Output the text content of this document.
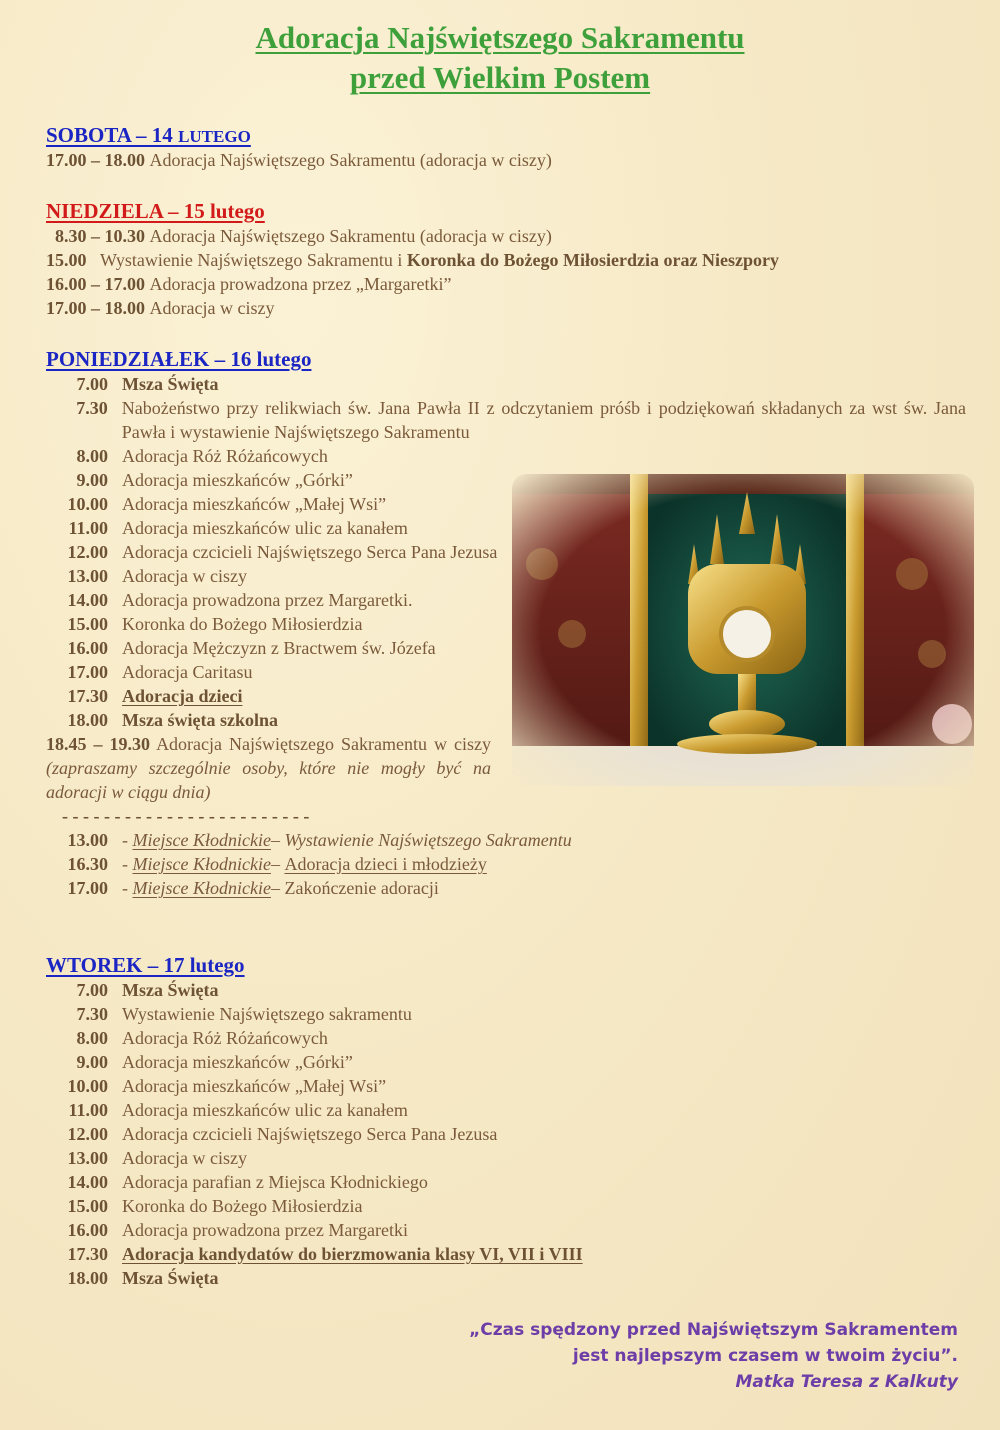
Adoracja Najświętszego Sakramentu
przed Wielkim Postem
SOBOTA – 14 LUTEGO
17.00 – 18.00
Adoracja Najświętszego Sakramentu (adoracja w ciszy)
NIEDZIELA – 15 lutego
8.30 – 10.30
Adoracja Najświętszego Sakramentu (adoracja w ciszy)
15.00
Wystawienie Najświętszego Sakramentu i
Koronka do Bożego Miłosierdzia oraz Nieszpory
16.00 – 17.00
Adoracja prowadzona przez „Margaretki”
17.00 – 18.00
Adoracja w ciszy
PONIEDZIAŁEK – 16 lutego
7.00 Msza Święta
7.30 Nabożeństwo przy relikwiach św. Jana Pawła II z odczytaniem próśb i podziękowań składanych za wst św. Jana Pawła i wystawienie Najświętszego Sakramentu
8.00 Adoracja Róż Różańcowych
9.00 Adoracja mieszkańców „Górki”
10.00 Adoracja mieszkańców „Małej Wsi”
11.00 Adoracja mieszkańców ulic za kanałem
12.00 Adoracja czcicieli Najświętszego Serca Pana Jezusa
13.00 Adoracja w ciszy
14.00 Adoracja prowadzona przez Margaretki.
15.00 Koronka do Bożego Miłosierdzia
16.00 Adoracja Mężczyzn z Bractwem św. Józefa
17.00 Adoracja Caritasu
17.30 Adoracja dzieci
18.00 Msza święta szkolna
18.45 – 19.30 Adoracja Najświętszego Sakramentu w ciszy (zapraszamy szczególnie osoby, które nie mogły być na adoracji w ciągu dnia)
- - - - - - - - - - - - - - - - - - - - - - - -
13.00 -
Miejsce Kłodnickie –
Wystawienie Najświętszego Sakramentu
16.30 -
Miejsce Kłodnickie –
Adoracja dzieci i młodzieży
17.00 -
Miejsce Kłodnickie –
Zakończenie adoracji
WTOREK – 17 lutego
7.00 Msza Święta
7.30 Wystawienie Najświętszego sakramentu
8.00 Adoracja Róż Różańcowych
9.00 Adoracja mieszkańców „Górki”
10.00 Adoracja mieszkańców „Małej Wsi”
11.00 Adoracja mieszkańców ulic za kanałem
12.00 Adoracja czcicieli Najświętszego Serca Pana Jezusa
13.00 Adoracja w ciszy
14.00 Adoracja parafian z Miejsca Kłodnickiego
15.00 Koronka do Bożego Miłosierdzia
16.00 Adoracja prowadzona przez Margaretki
17.30 Adoracja kandydatów do bierzmowania klasy VI, VII i VIII
18.00 Msza Święta
„Czas spędzony przed Najświętszym Sakramentem
jest najlepszym czasem w twoim życiu”.
Matka Teresa z Kalkuty
